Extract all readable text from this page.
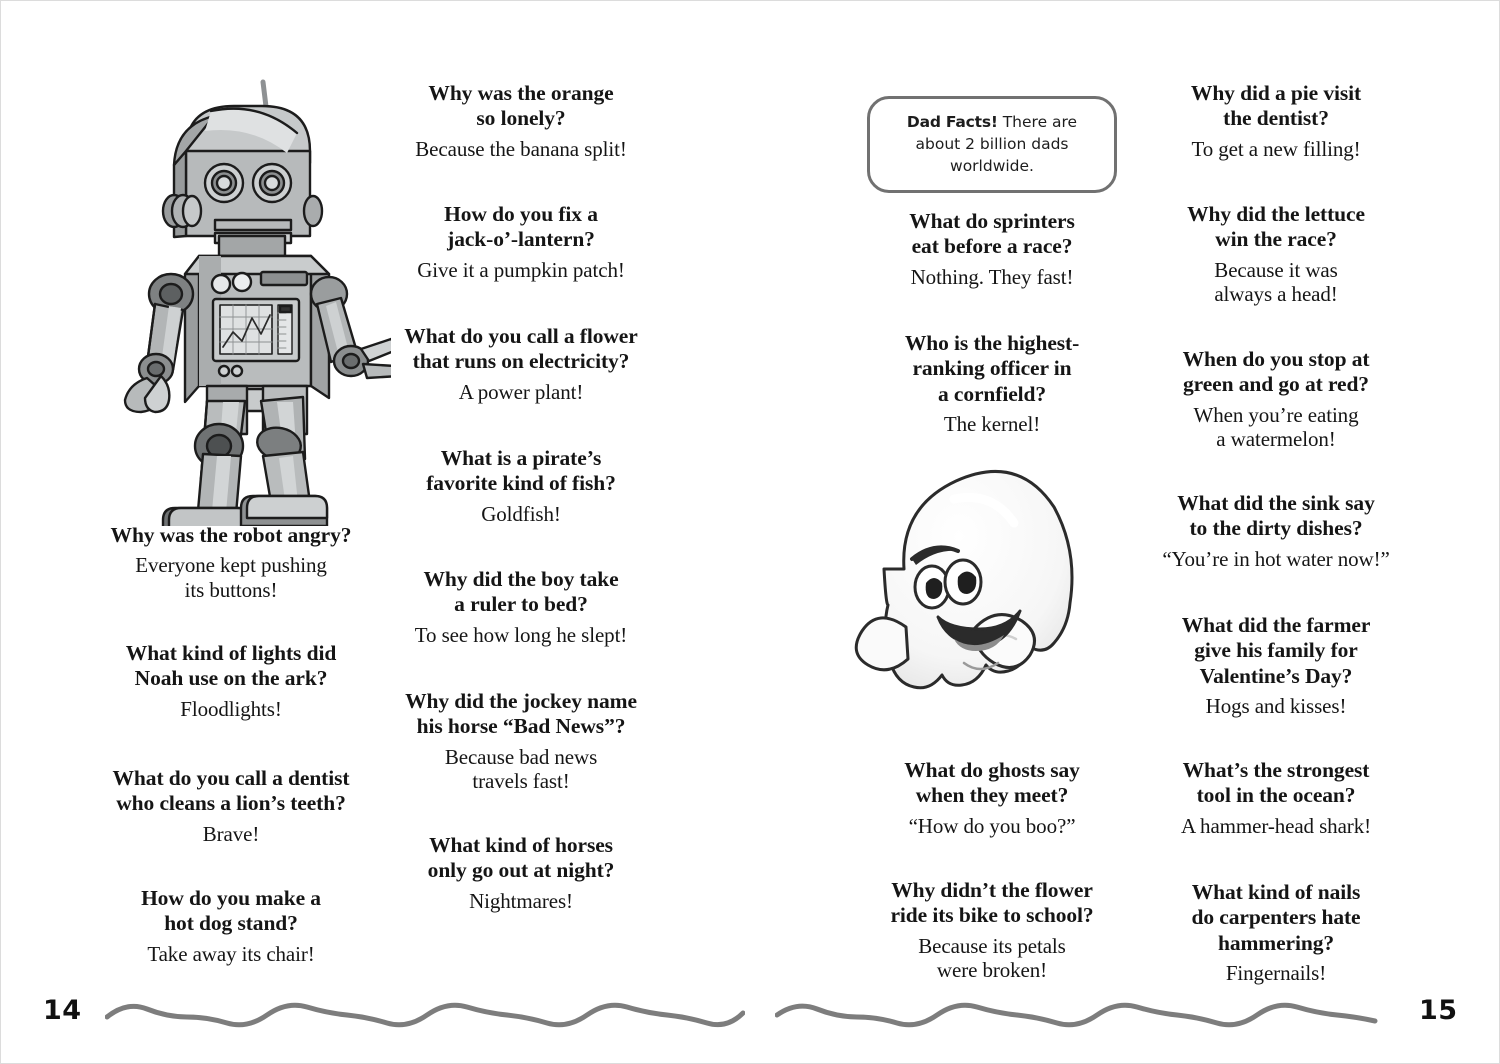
Why was the robot angry?
Everyone kept pushing
its buttons!
What kind of lights did
Noah use on the ark?
Floodlights!
What do you call a dentist
who cleans a lion’s teeth?
Brave!
How do you make a
hot dog stand?
Take away its chair!
Why was the orange
so lonely?
Because the banana split!
How do you fix a
jack-o’-lantern?
Give it a pumpkin patch!
What do you call a flower
that runs on electricity?
A power plant!
What is a pirate’s
favorite kind of fish?
Goldfish!
Why did the boy take
a ruler to bed?
To see how long he slept!
Why did the jockey name
his horse “Bad News”?
Because bad news
travels fast!
What kind of horses
only go out at night?
Nightmares!
Dad Facts! There are about 2 billion dads worldwide.
What do sprinters
eat before a race?
Nothing. They fast!
Who is the highest-
ranking officer in
a cornfield?
The kernel!
What do ghosts say
when they meet?
“How do you boo?”
Why didn’t the flower
ride its bike to school?
Because its petals
were broken!
Why did a pie visit
the dentist?
To get a new filling!
Why did the lettuce
win the race?
Because it was
always a head!
When do you stop at
green and go at red?
When you’re eating
a watermelon!
What did the sink say
to the dirty dishes?
“You’re in hot water now!”
What did the farmer
give his family for
Valentine’s Day?
Hogs and kisses!
What’s the strongest
tool in the ocean?
A hammer-head shark!
What kind of nails
do carpenters hate
hammering?
Fingernails!
14	15
